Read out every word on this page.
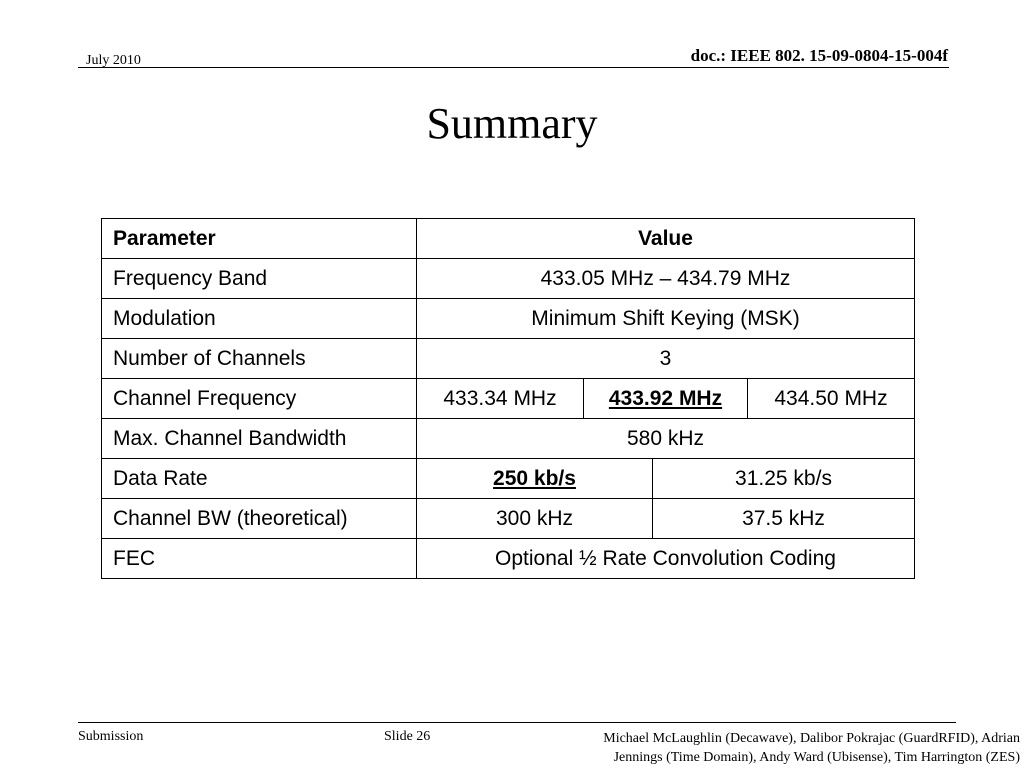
July 2010	doc.: IEEE 802. 15-09-0804-15-004f
Summary
Parameter	Value			
Frequency Band	433.05 MHz – 434.79 MHz			
Modulation	Minimum Shift Keying (MSK)			
Number of Channels	3			
Channel Frequency	433.34 MHz	433.92 MHz		434.50 MHz
Max. Channel Bandwidth	580 kHz			
Data Rate	250 kb/s		31.25 kb/s	
Channel BW (theoretical)	300 kHz		37.5 kHz	
FEC	Optional ½ Rate Convolution Coding			
Submission	Slide 26	Michael McLaughlin (Decawave), Dalibor Pokrajac (GuardRFID), Adrian
Jennings (Time Domain), Andy Ward (Ubisense), Tim Harrington (ZES)
